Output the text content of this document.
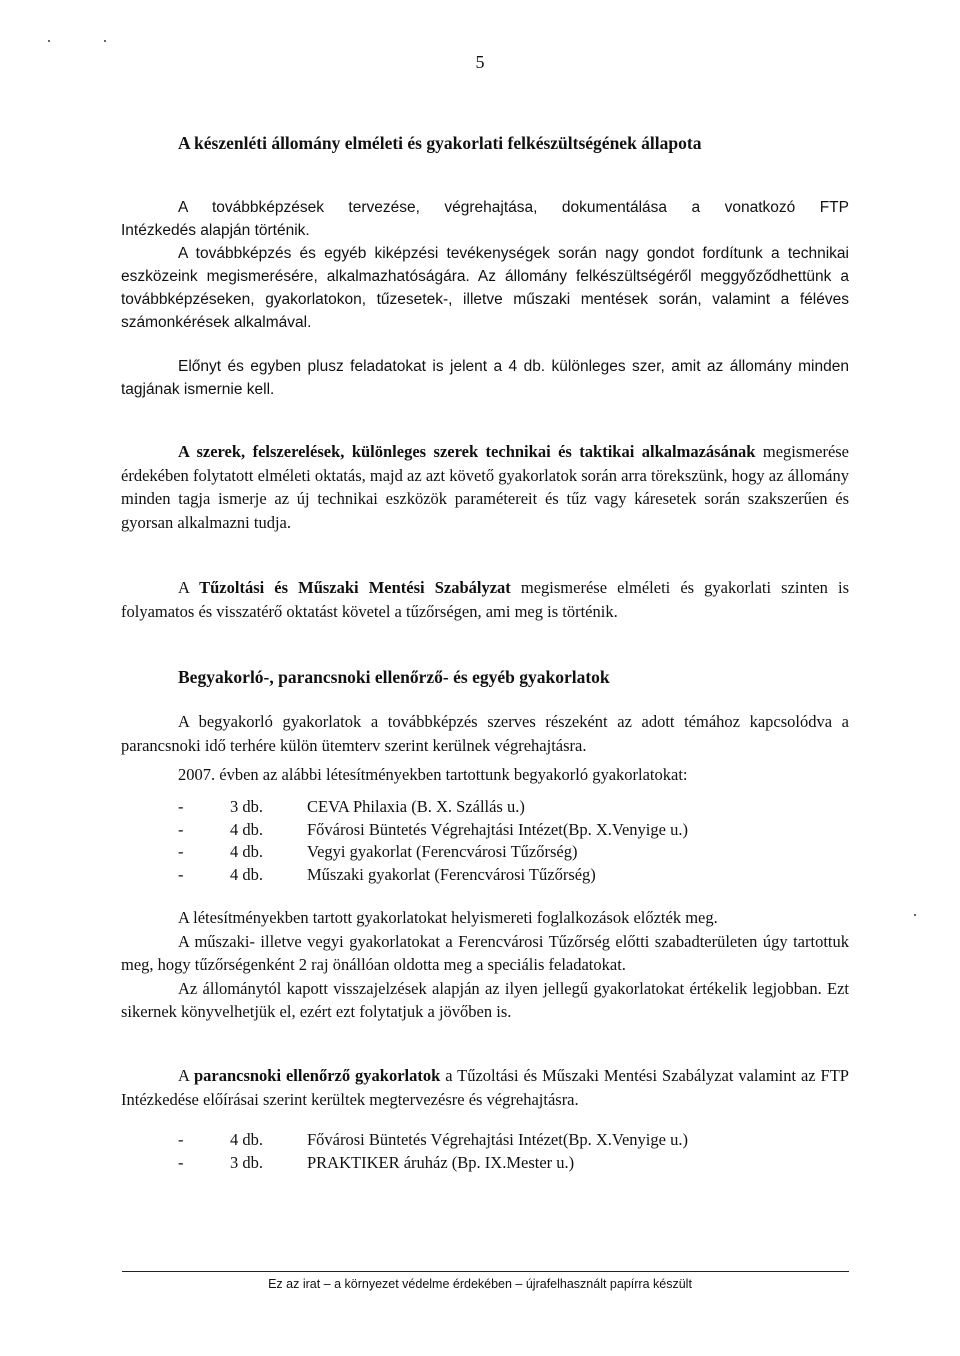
5
A készenléti állomány elméleti és gyakorlati felkészültségének állapota
A továbbképzések tervezése, végrehajtása, dokumentálása a vonatkozó FTP
Intézkedés alapján történik.

A továbbképzés és egyéb kiképzési tevékenységek során nagy gondot fordítunk a technikai eszközeink megismerésére, alkalmazhatóságára. Az állomány felkészültségéről meggyőződhettünk a továbbképzéseken, gyakorlatokon, tűzesetek-, illetve műszaki mentések során, valamint a féléves számonkérések alkalmával.

Előnyt és egyben plusz feladatokat is jelent a 4 db. különleges szer, amit az állomány minden tagjának ismernie kell.

A szerek, felszerelések, különleges szerek technikai és taktikai alkalmazásának megismerése érdekében folytatott elméleti oktatás, majd az azt követő gyakorlatok során arra törekszünk, hogy az állomány minden tagja ismerje az új technikai eszközök paramétereit és tűz vagy káresetek során szakszerűen és gyorsan alkalmazni tudja.

A Tűzoltási és Műszaki Mentési Szabályzat megismerése elméleti és gyakorlati szinten is folyamatos és visszatérő oktatást követel a tűzőrségen, ami meg is történik.

Begyakorló-, parancsnoki ellenőrző- és egyéb gyakorlatok

A begyakorló gyakorlatok a továbbképzés szerves részeként az adott témához kapcsolódva a parancsnoki idő terhére külön ütemterv szerint kerülnek végrehajtásra.

2007. évben az alábbi létesítményekben tartottunk begyakorló gyakorlatokat:

-	3 db.	CEVA Philaxia (B. X. Szállás u.)
-	4 db.	Fővárosi Büntetés Végrehajtási Intézet(Bp. X.Venyige u.)
-	4 db.	Vegyi gyakorlat (Ferencvárosi Tűzőrség)
-	4 db.	Műszaki gyakorlat (Ferencvárosi Tűzőrség)

A létesítményekben tartott gyakorlatokat helyismereti foglalkozások előzték meg.

A műszaki- illetve vegyi gyakorlatokat a Ferencvárosi Tűzőrség előtti szabadterületen úgy tartottuk meg, hogy tűzőrségenként 2 raj önállóan oldotta meg a speciális feladatokat.

Az állománytól kapott visszajelzések alapján az ilyen jellegű gyakorlatokat értékelik legjobban. Ezt sikernek könyvelhetjük el, ezért ezt folytatjuk a jövőben is.

A parancsnoki ellenőrző gyakorlatok a Tűzoltási és Műszaki Mentési Szabályzat valamint az FTP Intézkedése előírásai szerint kerültek megtervezésre és végrehajtásra.

-	4 db.	Fővárosi Büntetés Végrehajtási Intézet(Bp. X.Venyige u.)
-	3 db.	PRAKTIKER áruház (Bp. IX.Mester u.)
Ez az irat – a környezet védelme érdekében – újrafelhasznált papírra készült
